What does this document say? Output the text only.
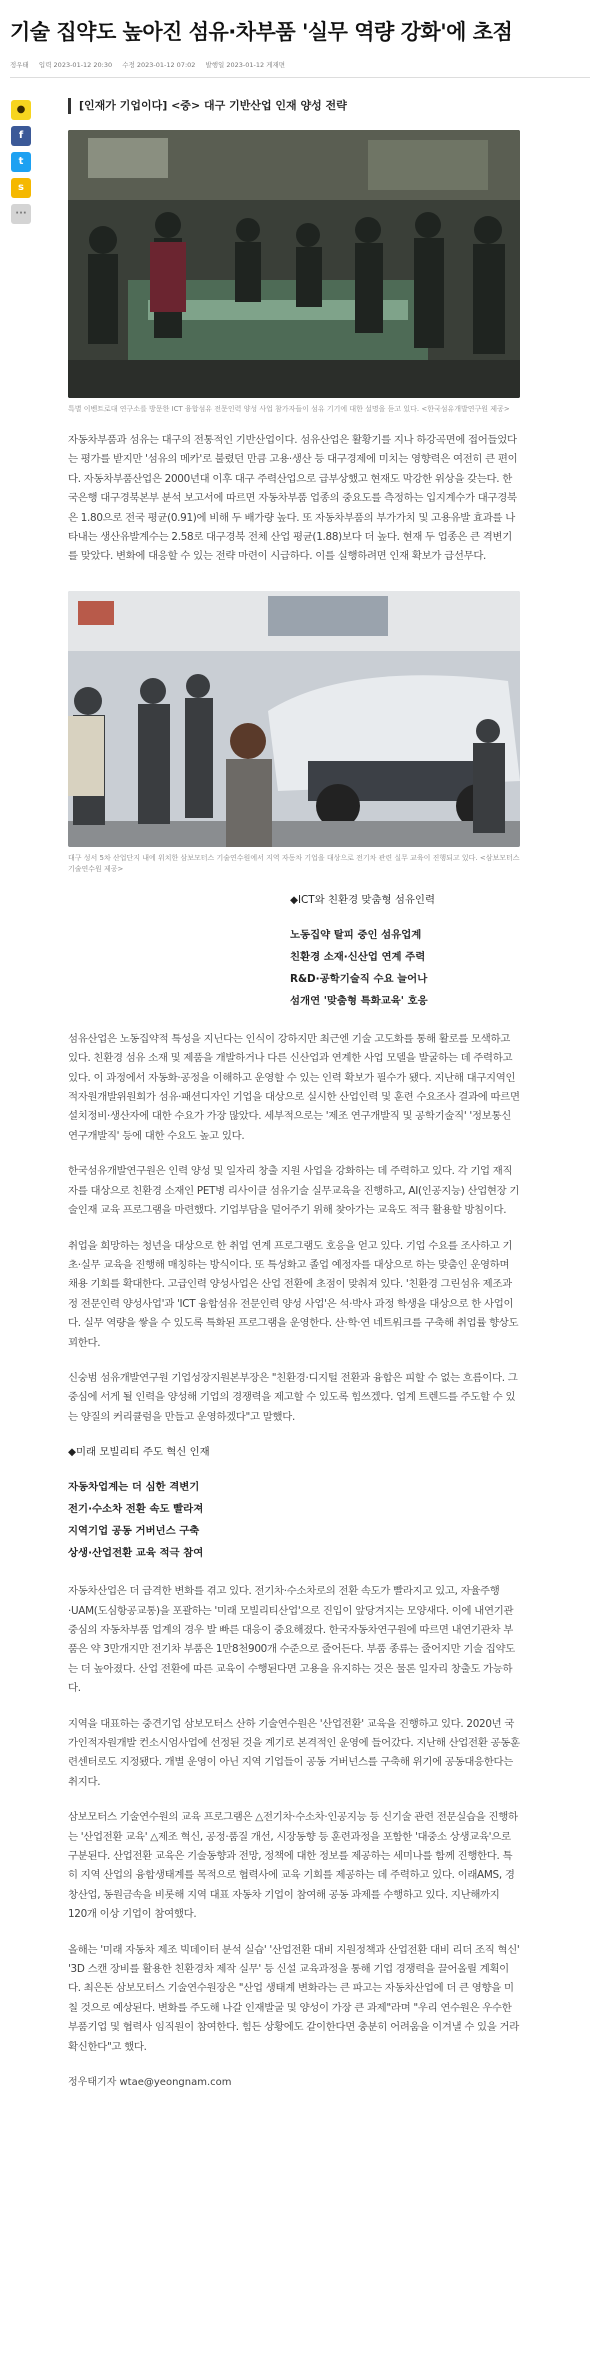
기술 집약도 높아진 섬유·차부품 '실무 역량 강화'에 초점
정우태 입력 2023-01-12 20:30 수정 2023-01-12 07:02 발행일 2023-01-12 게재면
●
f
t
s
···
[인재가 기업이다] <중> 대구 기반산업 인재 양성 전략
특별 이벤트로대 연구소를 방문한 ICT 융합섬유 전문인력 양성 사업 참가자들이 섬유 기기에 대한 설명을 듣고 있다. <한국섬유개발연구원 제공>

자동차부품과 섬유는 대구의 전통적인 기반산업이다. 섬유산업은 활황기를 지나 하강곡면에 접어들었다는 평가를 받지만 '섬유의 메카'로 불렸던 만큼 고용·생산 등 대구경제에 미치는 영향력은 여전히 큰 편이다. 자동차부품산업은 2000년대 이후 대구 주력산업으로 급부상했고 현재도 막강한 위상을 갖는다. 한국은행 대구경북본부 분석 보고서에 따르면 자동차부품 업종의 중요도를 측정하는 입지계수가 대구경북은 1.80으로 전국 평균(0.91)에 비해 두 배가량 높다. 또 자동차부품의 부가가치 및 고용유발 효과를 나타내는 생산유발계수는 2.58로 대구경북 전체 산업 평균(1.88)보다 더 높다. 현재 두 업종은 큰 격변기를 맞았다. 변화에 대응할 수 있는 전략 마련이 시급하다. 이를 실행하려면 인재 확보가 급선무다.

대구 성서 5차 산업단지 내에 위치한 삼보모터스 기술연수원에서 지역 자동차 기업을 대상으로 전기차 관련 실무 교육이 진행되고 있다. <삼보모터스 기술연수원 제공>
◆ICT와 친환경 맞춤형 섬유인력
노동집약 탈피 중인 섬유업계
친환경 소재·신산업 연계 주력
R&D·공학기술직 수요 늘어나
섬개연 '맞춤형 특화교육' 호응

섬유산업은 노동집약적 특성을 지닌다는 인식이 강하지만 최근엔 기술 고도화를 통해 활로를 모색하고 있다. 친환경 섬유 소재 및 제품을 개발하거나 다른 신산업과 연계한 사업 모델을 발굴하는 데 주력하고 있다. 이 과정에서 자동화·공정을 이해하고 운영할 수 있는 인력 확보가 필수가 됐다. 지난해 대구지역인적자원개발위원회가 섬유·패션디자인 기업을 대상으로 실시한 산업인력 및 훈련 수요조사 결과에 따르면 설치정비·생산자에 대한 수요가 가장 많았다. 세부적으로는 '제조 연구개발직 및 공학기술직' '정보통신 연구개발직' 등에 대한 수요도 높고 있다.

한국섬유개발연구원은 인력 양성 및 일자리 창출 지원 사업을 강화하는 데 주력하고 있다. 각 기업 재직자를 대상으로 친환경 소재인 PET병 리사이클 섬유기술 실무교육을 진행하고, AI(인공지능) 산업현장 기술인재 교육 프로그램을 마련했다. 기업부담을 덜어주기 위해 찾아가는 교육도 적극 활용할 방침이다.

취업을 희망하는 청년을 대상으로 한 취업 연계 프로그램도 호응을 얻고 있다. 기업 수요를 조사하고 기초·실무 교육을 진행해 매칭하는 방식이다. 또 특성화고 졸업 예정자를 대상으로 하는 맞춤인 운영하며 채용 기회를 확대한다. 고급인력 양성사업은 산업 전환에 초점이 맞춰져 있다. '친환경 그린섬유 제조과정 전문인력 양성사업'과 'ICT 융합섬유 전문인력 양성 사업'은 석·박사 과정 학생을 대상으로 한 사업이다. 실무 역량을 쌓을 수 있도록 특화된 프로그램을 운영한다. 산·학·연 네트워크를 구축해 취업률 향상도 꾀한다.

신숭범 섬유개발연구원 기업성장지원본부장은 "친환경·디지털 전환과 융합은 피할 수 없는 흐름이다. 그 중심에 서게 될 인력을 양성해 기업의 경쟁력을 제고할 수 있도록 힘쓰겠다. 업계 트렌드를 주도할 수 있는 양질의 커리큘럼을 만들고 운영하겠다"고 말했다.

◆미래 모빌리티 주도 혁신 인재
자동차업계는 더 심한 격변기
전기·수소차 전환 속도 빨라져
지역기업 공동 거버넌스 구축
상생·산업전환 교육 적극 참여

자동차산업은 더 급격한 변화를 겪고 있다. 전기차·수소차로의 전환 속도가 빨라지고 있고, 자율주행·UAM(도심항공교통)을 포괄하는 '미래 모빌리티산업'으로 진입이 앞당겨지는 모양새다. 이에 내연기관 중심의 자동차부품 업계의 경우 발 빠른 대응이 중요해졌다. 한국자동차연구원에 따르면 내연기관차 부품은 약 3만개지만 전기차 부품은 1만8천900개 수준으로 줄어든다. 부품 종류는 줄어지만 기술 집약도는 더 높아졌다. 산업 전환에 따른 교육이 수행된다면 고용을 유지하는 것은 물론 일자리 창출도 가능하다.

지역을 대표하는 중견기업 삼보모터스 산하 기술연수원은 '산업전환' 교육을 진행하고 있다. 2020년 국가인적자원개발 컨소시엄사업에 선정된 것을 계기로 본격적인 운영에 들어갔다. 지난해 산업전환 공동훈련센터로도 지정됐다. 개별 운영이 아닌 지역 기업들이 공동 거버넌스를 구축해 위기에 공동대응한다는 취지다.

삼보모터스 기술연수원의 교육 프로그램은 △전기차·수소차·인공지능 등 신기술 관련 전문실습을 진행하는 '산업전환 교육' △제조 혁신, 공정·품질 개선, 시장동향 등 훈련과정을 포함한 '대중소 상생교육'으로 구분된다. 산업전환 교육은 기술동향과 전망, 정책에 대한 정보를 제공하는 세미나를 함께 진행한다. 특히 지역 산업의 융합생태계를 목적으로 협력사에 교육 기회를 제공하는 데 주력하고 있다. 이래AMS, 경창산업, 동원금속을 비롯해 지역 대표 자동차 기업이 참여해 공동 과제를 수행하고 있다. 지난해까지 120개 이상 기업이 참여했다.

올해는 '미래 자동차 제조 빅데이터 분석 실습' '산업전환 대비 지원정책과 산업전환 대비 리더 조직 혁신' '3D 스캔 장비를 활용한 친환경차 제작 실무' 등 신설 교육과정을 통해 기업 경쟁력을 끌어올릴 계획이다. 최은돈 삼보모터스 기술연수원장은 "산업 생태계 변화라는 큰 파고는 자동차산업에 더 큰 영향을 미칠 것으로 예상된다. 변화를 주도해 나갈 인재발굴 및 양성이 가장 큰 과제"라며 "우리 연수원은 우수한 부품기업 및 협력사 임직원이 참여한다. 힘든 상황에도 같이한다면 충분히 어려움을 이겨낼 수 있을 거라 확신한다"고 했다.

정우태기자 wtae@yeongnam.com
